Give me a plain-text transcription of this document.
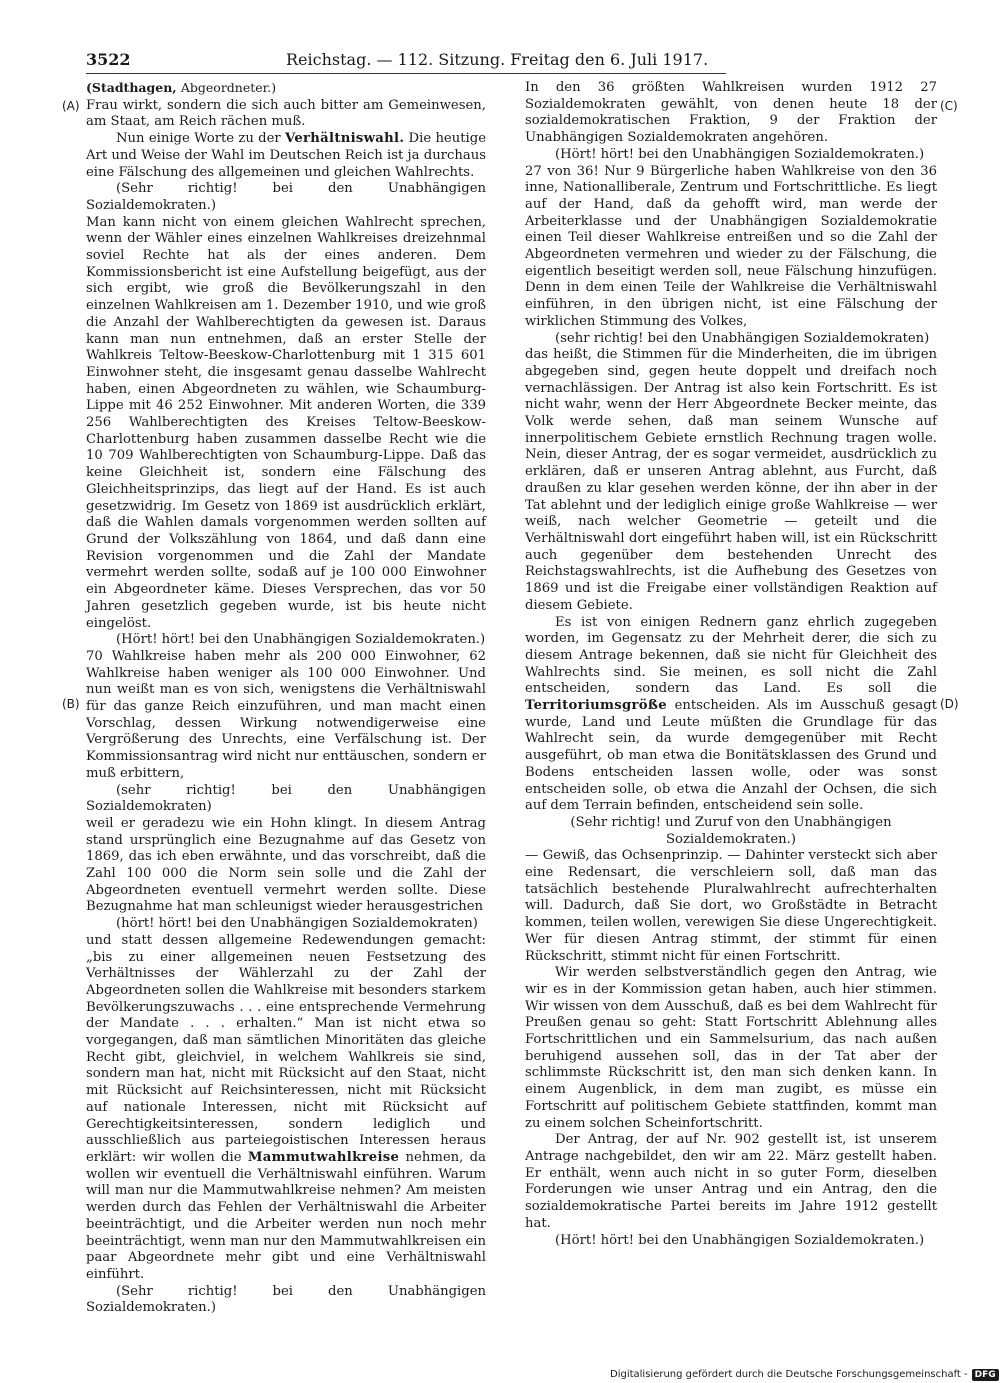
3522	Reichstag. — 112. Sitzung. Freitag den 6. Juli 1917.
(A)
(B)
(C)
(D)

(Stadthagen, Abgeordneter.)

Frau wirkt, sondern die sich auch bitter am Gemeinwesen, am Staat, am Reich rächen muß.

Nun einige Worte zu der Verhältniswahl. Die heutige Art und Weise der Wahl im Deutschen Reich ist ja durchaus eine Fälschung des allgemeinen und gleichen Wahlrechts.

(Sehr richtig! bei den Unabhängigen Sozialdemokraten.)

Man kann nicht von einem gleichen Wahlrecht sprechen, wenn der Wähler eines einzelnen Wahlkreises dreizehnmal soviel Rechte hat als der eines anderen. Dem Kommissionsbericht ist eine Aufstellung beigefügt, aus der sich ergibt, wie groß die Bevölkerungszahl in den einzelnen Wahlkreisen am 1. Dezember 1910, und wie groß die Anzahl der Wahlberechtigten da gewesen ist. Daraus kann man nun entnehmen, daß an erster Stelle der Wahlkreis Teltow-Beeskow-Charlottenburg mit 1 315 601 Einwohner steht, die insgesamt genau dasselbe Wahlrecht haben, einen Abgeordneten zu wählen, wie Schaumburg-Lippe mit 46 252 Einwohner. Mit anderen Worten, die 339 256 Wahlberechtigten des Kreises Teltow-Beeskow-Charlottenburg haben zusammen dasselbe Recht wie die 10 709 Wahlberechtigten von Schaumburg-Lippe. Daß das keine Gleichheit ist, sondern eine Fälschung des Gleichheitsprinzips, das liegt auf der Hand. Es ist auch gesetzwidrig. Im Gesetz von 1869 ist ausdrücklich erklärt, daß die Wahlen damals vorgenommen werden sollten auf Grund der Volkszählung von 1864, und daß dann eine Revision vorgenommen und die Zahl der Mandate vermehrt werden sollte, sodaß auf je 100 000 Einwohner ein Abgeordneter käme. Dieses Versprechen, das vor 50 Jahren gesetzlich gegeben wurde, ist bis heute nicht eingelöst.

(Hört! hört! bei den Unabhängigen Sozialdemokraten.)

70 Wahlkreise haben mehr als 200 000 Einwohner, 62 Wahlkreise haben weniger als 100 000 Einwohner. Und nun weißt man es von sich, wenigstens die Verhältniswahl für das ganze Reich einzuführen, und man macht einen Vorschlag, dessen Wirkung notwendigerweise eine Vergrößerung des Unrechts, eine Verfälschung ist. Der Kommissionsantrag wird nicht nur enttäuschen, sondern er muß erbittern,

(sehr richtig! bei den Unabhängigen Sozialdemokraten)

weil er geradezu wie ein Hohn klingt. In diesem Antrag stand ursprünglich eine Bezugnahme auf das Gesetz von 1869, das ich eben erwähnte, und das vorschreibt, daß die Zahl 100 000 die Norm sein solle und die Zahl der Abgeordneten eventuell vermehrt werden sollte. Diese Bezugnahme hat man schleunigst wieder herausgestrichen

(hört! hört! bei den Unabhängigen Sozialdemokraten)

und statt dessen allgemeine Redewendungen gemacht: „bis zu einer allgemeinen neuen Festsetzung des Verhältnisses der Wählerzahl zu der Zahl der Abgeordneten sollen die Wahlkreise mit besonders starkem Bevölkerungszuwachs . . . eine entsprechende Vermehrung der Mandate . . . erhalten.“ Man ist nicht etwa so vorgegangen, daß man sämtlichen Minoritäten das gleiche Recht gibt, gleichviel, in welchem Wahlkreis sie sind, sondern man hat, nicht mit Rücksicht auf den Staat, nicht mit Rücksicht auf Reichsinteressen, nicht mit Rücksicht auf nationale Interessen, nicht mit Rücksicht auf Gerechtigkeitsinteressen, sondern lediglich und ausschließlich aus parteiegoistischen Interessen heraus erklärt: wir wollen die Mammutwahlkreise nehmen, da wollen wir eventuell die Verhältniswahl einführen. Warum will man nur die Mammutwahlkreise nehmen? Am meisten werden durch das Fehlen der Verhältniswahl die Arbeiter beeinträchtigt, und die Arbeiter werden nun noch mehr beeinträchtigt, wenn man nur den Mammutwahlkreisen ein paar Abgeordnete mehr gibt und eine Verhältniswahl einführt.

(Sehr richtig! bei den Unabhängigen Sozialdemokraten.)

In den 36 größten Wahlkreisen wurden 1912 27 Sozialdemokraten gewählt, von denen heute 18 der sozialdemokratischen Fraktion, 9 der Fraktion der Unabhängigen Sozialdemokraten angehören.

(Hört! hört! bei den Unabhängigen Sozialdemokraten.)

27 von 36! Nur 9 Bürgerliche haben Wahlkreise von den 36 inne, Nationalliberale, Zentrum und Fortschrittliche. Es liegt auf der Hand, daß da gehofft wird, man werde der Arbeiterklasse und der Unabhängigen Sozialdemokratie einen Teil dieser Wahlkreise entreißen und so die Zahl der Abgeordneten vermehren und wieder zu der Fälschung, die eigentlich beseitigt werden soll, neue Fälschung hinzufügen. Denn in dem einen Teile der Wahlkreise die Verhältniswahl einführen, in den übrigen nicht, ist eine Fälschung der wirklichen Stimmung des Volkes,

(sehr richtig! bei den Unabhängigen Sozialdemokraten)

das heißt, die Stimmen für die Minderheiten, die im übrigen abgegeben sind, gegen heute doppelt und dreifach noch vernachlässigen. Der Antrag ist also kein Fortschritt. Es ist nicht wahr, wenn der Herr Abgeordnete Becker meinte, das Volk werde sehen, daß man seinem Wunsche auf innerpolitischem Gebiete ernstlich Rechnung tragen wolle. Nein, dieser Antrag, der es sogar vermeidet, ausdrücklich zu erklären, daß er unseren Antrag ablehnt, aus Furcht, daß draußen zu klar gesehen werden könne, der ihn aber in der Tat ablehnt und der lediglich einige große Wahlkreise — wer weiß, nach welcher Geometrie — geteilt und die Verhältniswahl dort eingeführt haben will, ist ein Rückschritt auch gegenüber dem bestehenden Unrecht des Reichstagswahlrechts, ist die Aufhebung des Gesetzes von 1869 und ist die Freigabe einer vollständigen Reaktion auf diesem Gebiete.

Es ist von einigen Rednern ganz ehrlich zugegeben worden, im Gegensatz zu der Mehrheit derer, die sich zu diesem Antrage bekennen, daß sie nicht für Gleichheit des Wahlrechts sind. Sie meinen, es soll nicht die Zahl entscheiden, sondern das Land. Es soll die Territoriumsgröße entscheiden. Als im Ausschuß gesagt wurde, Land und Leute müßten die Grundlage für das Wahlrecht sein, da wurde demgegenüber mit Recht ausgeführt, ob man etwa die Bonitätsklassen des Grund und Bodens entscheiden lassen wolle, oder was sonst entscheiden solle, ob etwa die Anzahl der Ochsen, die sich auf dem Terrain befinden, entscheidend sein solle.

(Sehr richtig! und Zuruf von den Unabhängigen Sozialdemokraten.)

— Gewiß, das Ochsenprinzip. — Dahinter versteckt sich aber eine Redensart, die verschleiern soll, daß man das tatsächlich bestehende Pluralwahlrecht aufrechterhalten will. Dadurch, daß Sie dort, wo Großstädte in Betracht kommen, teilen wollen, verewigen Sie diese Ungerechtigkeit. Wer für diesen Antrag stimmt, der stimmt für einen Rückschritt, stimmt nicht für einen Fortschritt.

Wir werden selbstverständlich gegen den Antrag, wie wir es in der Kommission getan haben, auch hier stimmen. Wir wissen von dem Ausschuß, daß es bei dem Wahlrecht für Preußen genau so geht: Statt Fortschritt Ablehnung alles Fortschrittlichen und ein Sammelsurium, das nach außen beruhigend aussehen soll, das in der Tat aber der schlimmste Rückschritt ist, den man sich denken kann. In einem Augenblick, in dem man zugibt, es müsse ein Fortschritt auf politischem Gebiete stattfinden, kommt man zu einem solchen Scheinfortschritt.

Der Antrag, der auf Nr. 902 gestellt ist, ist unserem Antrage nachgebildet, den wir am 22. März gestellt haben. Er enthält, wenn auch nicht in so guter Form, dieselben Forderungen wie unser Antrag und ein Antrag, den die sozialdemokratische Partei bereits im Jahre 1912 gestellt hat.

(Hört! hört! bei den Unabhängigen Sozialdemokraten.)

Digitalisierung gefördert durch die Deutsche Forschungsgemeinschaft - DFG
